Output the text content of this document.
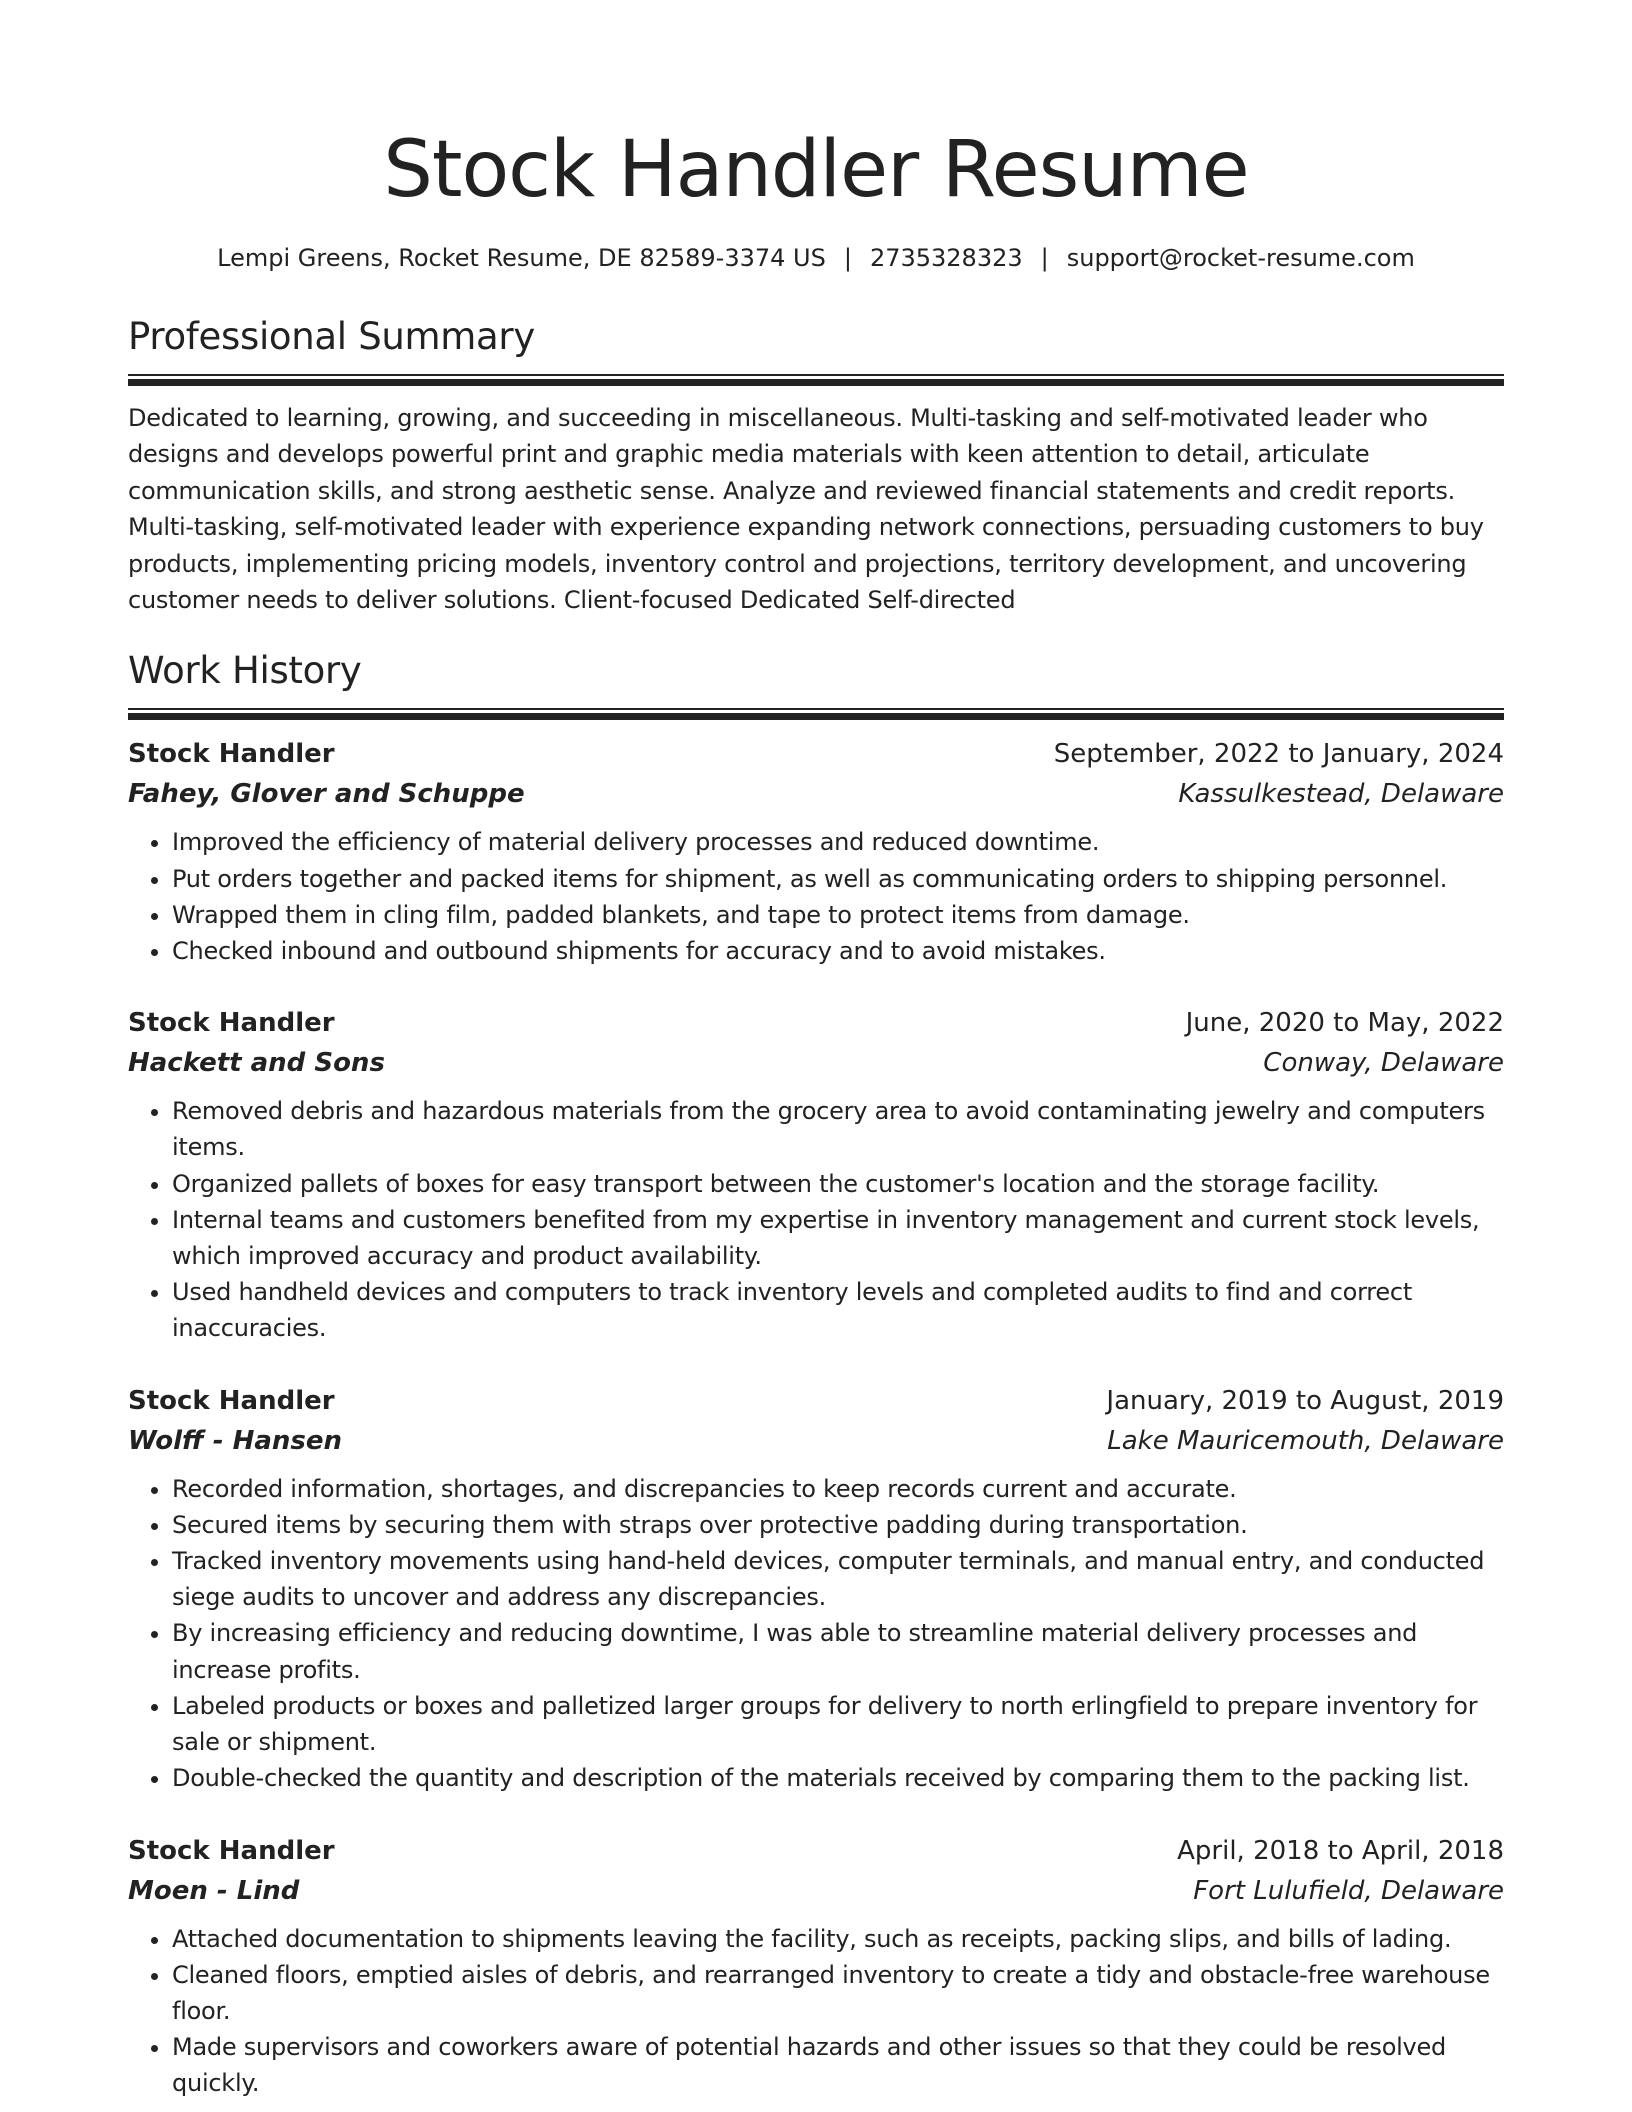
Stock Handler Resume
Lempi Greens, Rocket Resume, DE 82589-3374 US | 2735328323 | support@rocket-resume.com
Professional Summary

Dedicated to learning, growing, and succeeding in miscellaneous. Multi-tasking and self-motivated leader who designs and develops powerful print and graphic media materials with keen attention to detail, articulate communication skills, and strong aesthetic sense. Analyze and reviewed financial statements and credit reports. Multi-tasking, self-motivated leader with experience expanding network connections, persuading customers to buy products, implementing pricing models, inventory control and projections, territory development, and uncovering customer needs to deliver solutions. Client-focused Dedicated Self-directed

Work History
Stock Handler	September, 2022 to January, 2024
Fahey, Glover and Schuppe	Kassulkestead, Delaware
• Improved the efficiency of material delivery processes and reduced downtime.
• Put orders together and packed items for shipment, as well as communicating orders to shipping personnel.
• Wrapped them in cling film, padded blankets, and tape to protect items from damage.
• Checked inbound and outbound shipments for accuracy and to avoid mistakes.
Stock Handler	June, 2020 to May, 2022
Hackett and Sons	Conway, Delaware
• Removed debris and hazardous materials from the grocery area to avoid contaminating jewelry and computers items.
• Organized pallets of boxes for easy transport between the customer's location and the storage facility.
• Internal teams and customers benefited from my expertise in inventory management and current stock levels, which improved accuracy and product availability.
• Used handheld devices and computers to track inventory levels and completed audits to find and correct inaccuracies.
Stock Handler	January, 2019 to August, 2019
Wolff - Hansen	Lake Mauricemouth, Delaware
• Recorded information, shortages, and discrepancies to keep records current and accurate.
• Secured items by securing them with straps over protective padding during transportation.
• Tracked inventory movements using hand-held devices, computer terminals, and manual entry, and conducted siege audits to uncover and address any discrepancies.
• By increasing efficiency and reducing downtime, I was able to streamline material delivery processes and increase profits.
• Labeled products or boxes and palletized larger groups for delivery to north erlingfield to prepare inventory for sale or shipment.
• Double-checked the quantity and description of the materials received by comparing them to the packing list.
Stock Handler	April, 2018 to April, 2018
Moen - Lind	Fort Lulufield, Delaware
• Attached documentation to shipments leaving the facility, such as receipts, packing slips, and bills of lading.
• Cleaned floors, emptied aisles of debris, and rearranged inventory to create a tidy and obstacle-free warehouse floor.
• Made supervisors and coworkers aware of potential hazards and other issues so that they could be resolved quickly.
